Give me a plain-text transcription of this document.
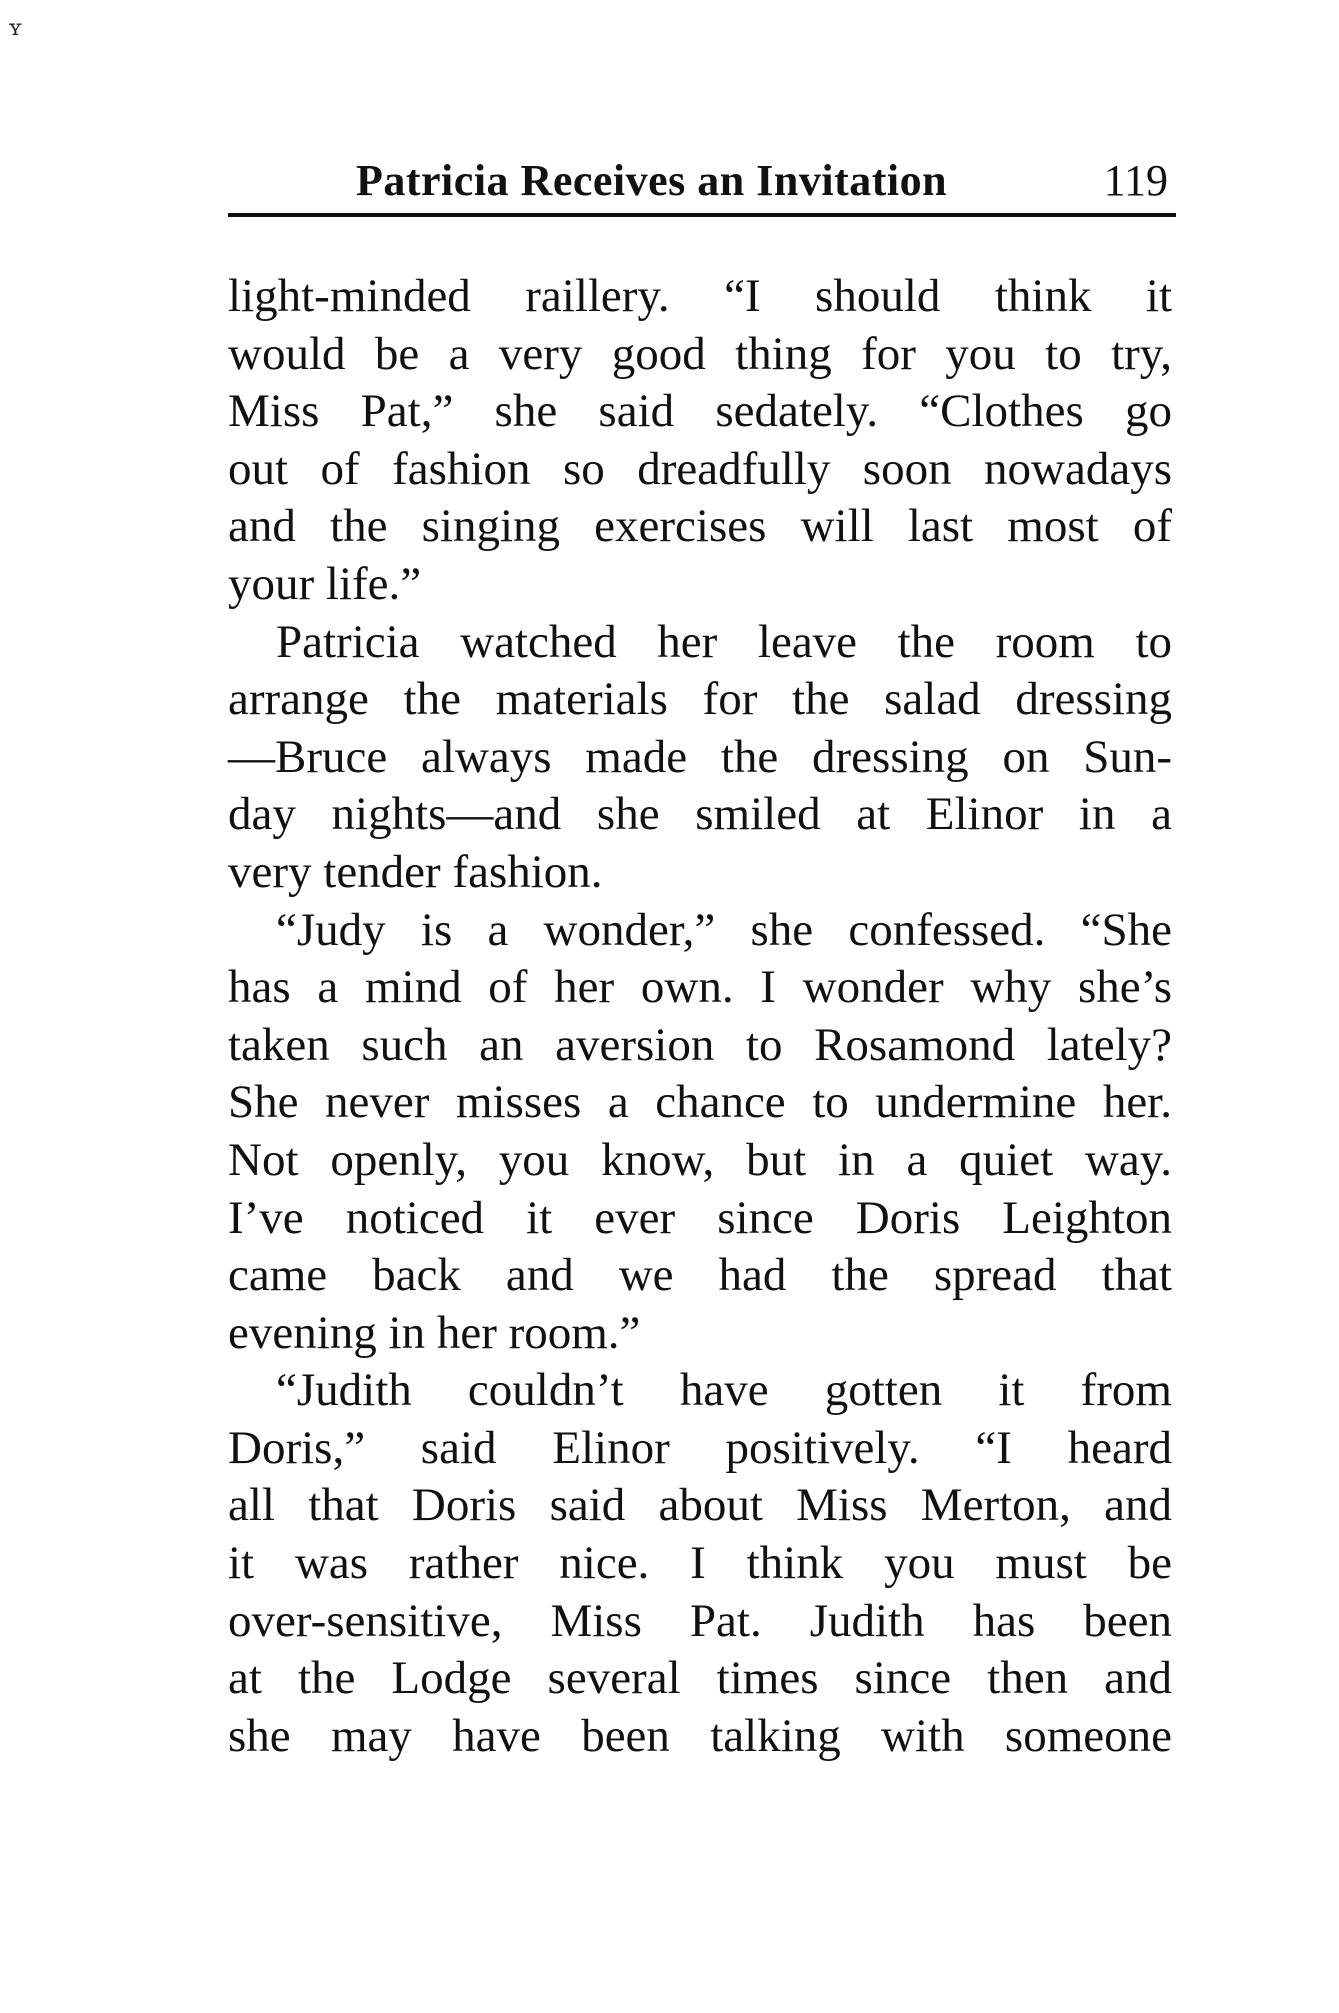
ʏ
Patricia Receives an Invitation	119
light-minded raillery. “I should think it
would be a very good thing for you to try,
Miss Pat,” she said sedately. “Clothes go
out of fashion so dreadfully soon nowadays
and the singing exercises will last most of
your life.”
Patricia watched her leave the room to
arrange the materials for the salad dressing
—Bruce always made the dressing on Sun-
day nights—and she smiled at Elinor in a
very tender fashion.
“Judy is a wonder,” she confessed. “She
has a mind of her own. I wonder why she’s
taken such an aversion to Rosamond lately?
She never misses a chance to undermine her.
Not openly, you know, but in a quiet way.
I’ve noticed it ever since Doris Leighton
came back and we had the spread that
evening in her room.”
“Judith couldn’t have gotten it from
Doris,” said Elinor positively. “I heard
all that Doris said about Miss Merton, and
it was rather nice. I think you must be
over-sensitive, Miss Pat. Judith has been
at the Lodge several times since then and
she may have been talking with someone
